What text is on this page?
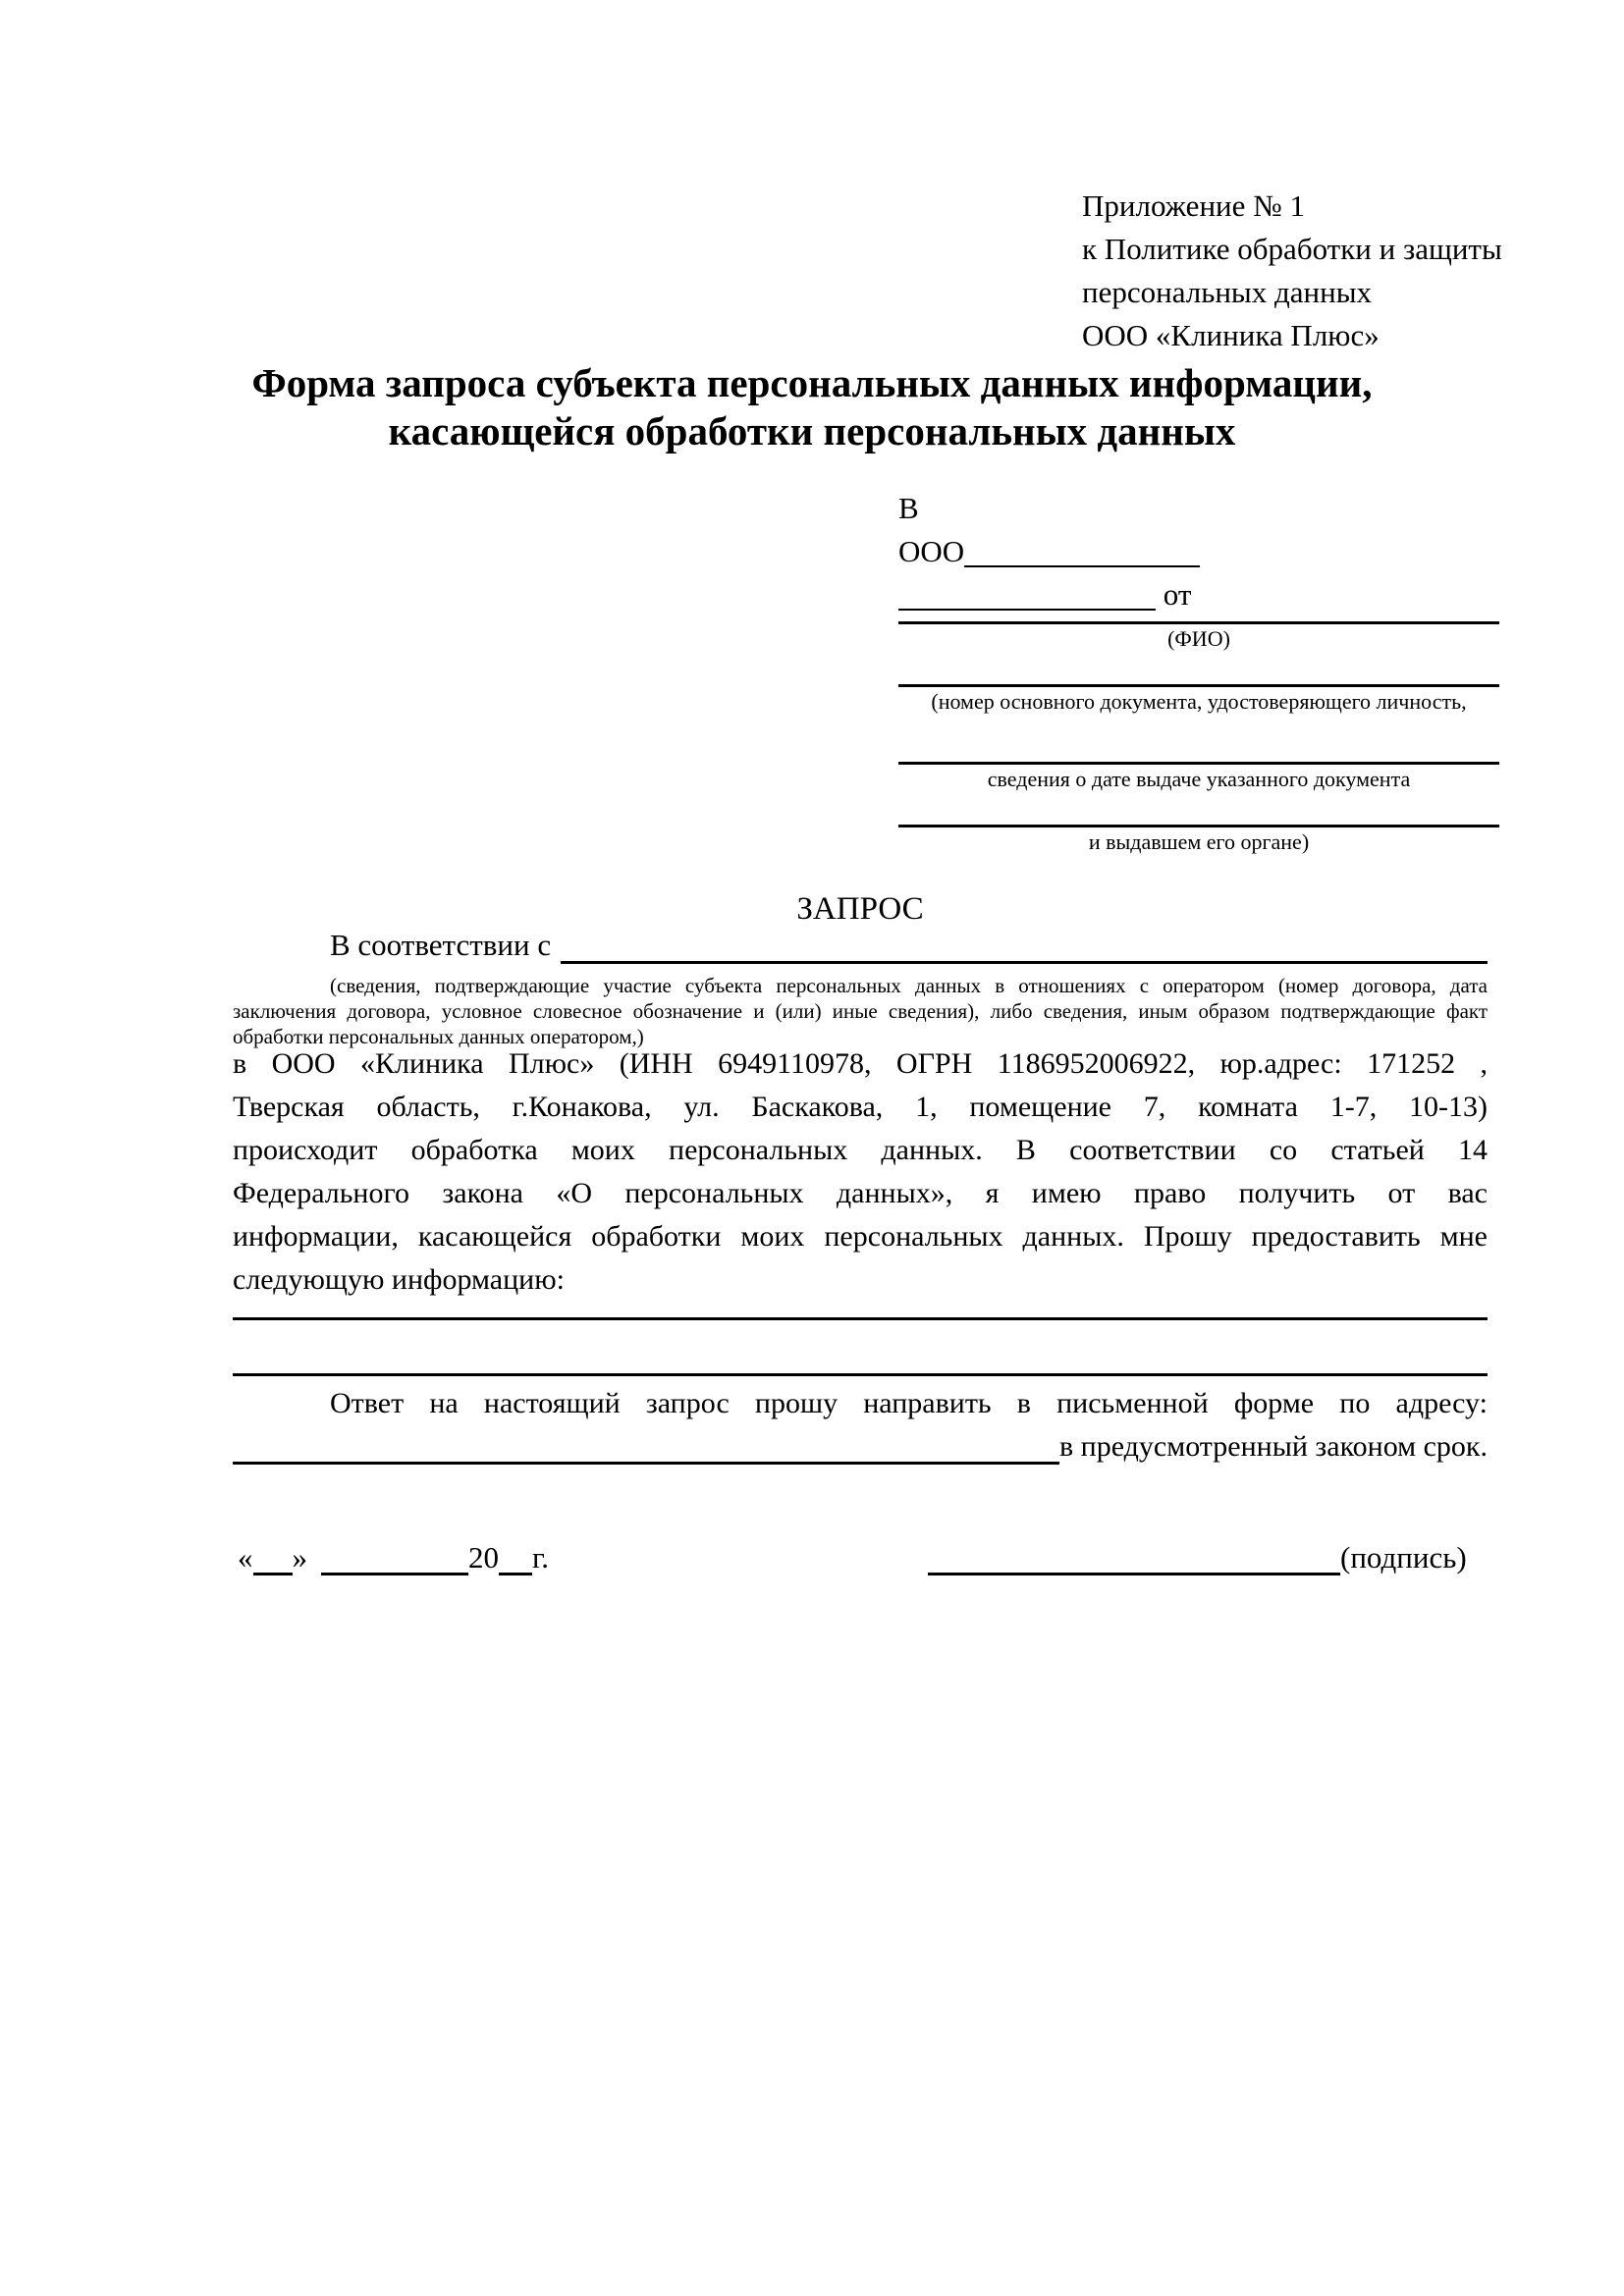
Приложение № 1
к Политике обработки и защиты
персональных данных
ООО «Клиника Плюс»
Форма запроса субъекта персональных данных информации,
касающейся обработки персональных данных
В
ООО
от
(ФИО)
(номер основного документа, удостоверяющего личность,
сведения о дате выдаче указанного документа
и выдавшем его органе)
ЗАПРОС
В соответствии с
(сведения, подтверждающие участие субъекта персональных данных в отношениях с оператором (номер договора, дата
заключения договора, условное словесное обозначение и (или) иные сведения), либо сведения, иным образом подтверждающие факт
обработки персональных данных оператором,)
в ООО «Клиника Плюс» (ИНН 6949110978, ОГРН 1186952006922, юр.адрес: 171252 ,
Тверская область, г.Конакова, ул. Баскакова, 1, помещение 7, комната 1-7, 10-13)
происходит обработка моих персональных данных. В соответствии со статьей 14
Федерального закона «О персональных данных», я имею право получить от вас
информации, касающейся обработки моих персональных данных. Прошу предоставить мне
следующую информацию:
Ответ на настоящий запрос прошу направить в письменной форме по адресу:
в предусмотренный законом срок.
« »	20 г.	(подпись)
